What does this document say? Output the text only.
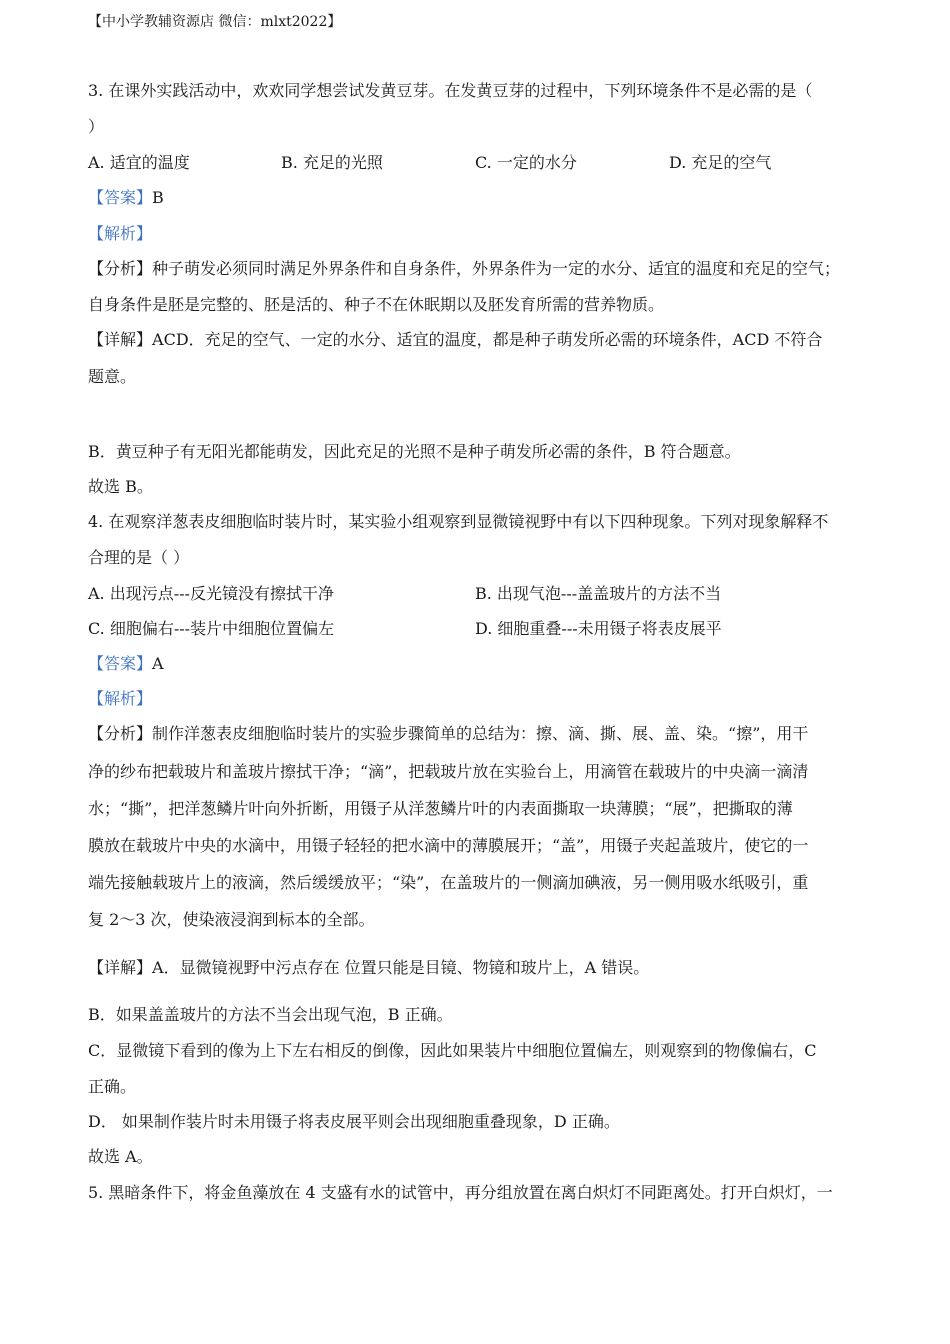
【中小学教辅资源店 微信：mlxt2022】
3. 在课外实践活动中，欢欢同学想尝试发黄豆芽。在发黄豆芽的过程中，下列环境条件不是必需的是（
）
A. 适宜的温度	B. 充足的光照	C. 一定的水分	D. 充足的空气
【答案】B
【解析】
【分析】种子萌发必须同时满足外界条件和自身条件，外界条件为一定的水分、适宜的温度和充足的空气；
自身条件是胚是完整的、胚是活的、种子不在休眠期以及胚发育所需的营养物质。
【详解】ACD．充足的空气、一定的水分、适宜的温度，都是种子萌发所必需的环境条件，ACD 不符合
题意。
B．黄豆种子有无阳光都能萌发，因此充足的光照不是种子萌发所必需的条件，B 符合题意。
故选 B。
4. 在观察洋葱表皮细胞临时装片时，某实验小组观察到显微镜视野中有以下四种现象。下列对现象解释不
合理的是（ ）
A. 出现污点---反光镜没有擦拭干净	B. 出现气泡---盖盖玻片的方法不当
C. 细胞偏右---装片中细胞位置偏左	D. 细胞重叠---未用镊子将表皮展平
【答案】A
【解析】
【分析】制作洋葱表皮细胞临时装片的实验步骤简单的总结为：擦、滴、撕、展、盖、染。“擦”，用干
净的纱布把载玻片和盖玻片擦拭干净；“滴”，把载玻片放在实验台上，用滴管在载玻片的中央滴一滴清
水；“撕”，把洋葱鳞片叶向外折断，用镊子从洋葱鳞片叶的内表面撕取一块薄膜；“展”，把撕取的薄
膜放在载玻片中央的水滴中，用镊子轻轻的把水滴中的薄膜展开；“盖”，用镊子夹起盖玻片，使它的一
端先接触载玻片上的液滴，然后缓缓放平；“染”，在盖玻片的一侧滴加碘液，另一侧用吸水纸吸引，重
复 2～3 次，使染液浸润到标本的全部。
【详解】A．显微镜视野中污点存在 位置只能是目镜、物镜和玻片上，A 错误。
B．如果盖盖玻片的方法不当会出现气泡，B 正确。
C．显微镜下看到的像为上下左右相反的倒像，因此如果装片中细胞位置偏左，则观察到的物像偏右，C
正确。
D． 如果制作装片时未用镊子将表皮展平则会出现细胞重叠现象，D 正确。
故选 A。
5. 黑暗条件下，将金鱼藻放在 4 支盛有水的试管中，再分组放置在离白炽灯不同距离处。打开白炽灯，一
